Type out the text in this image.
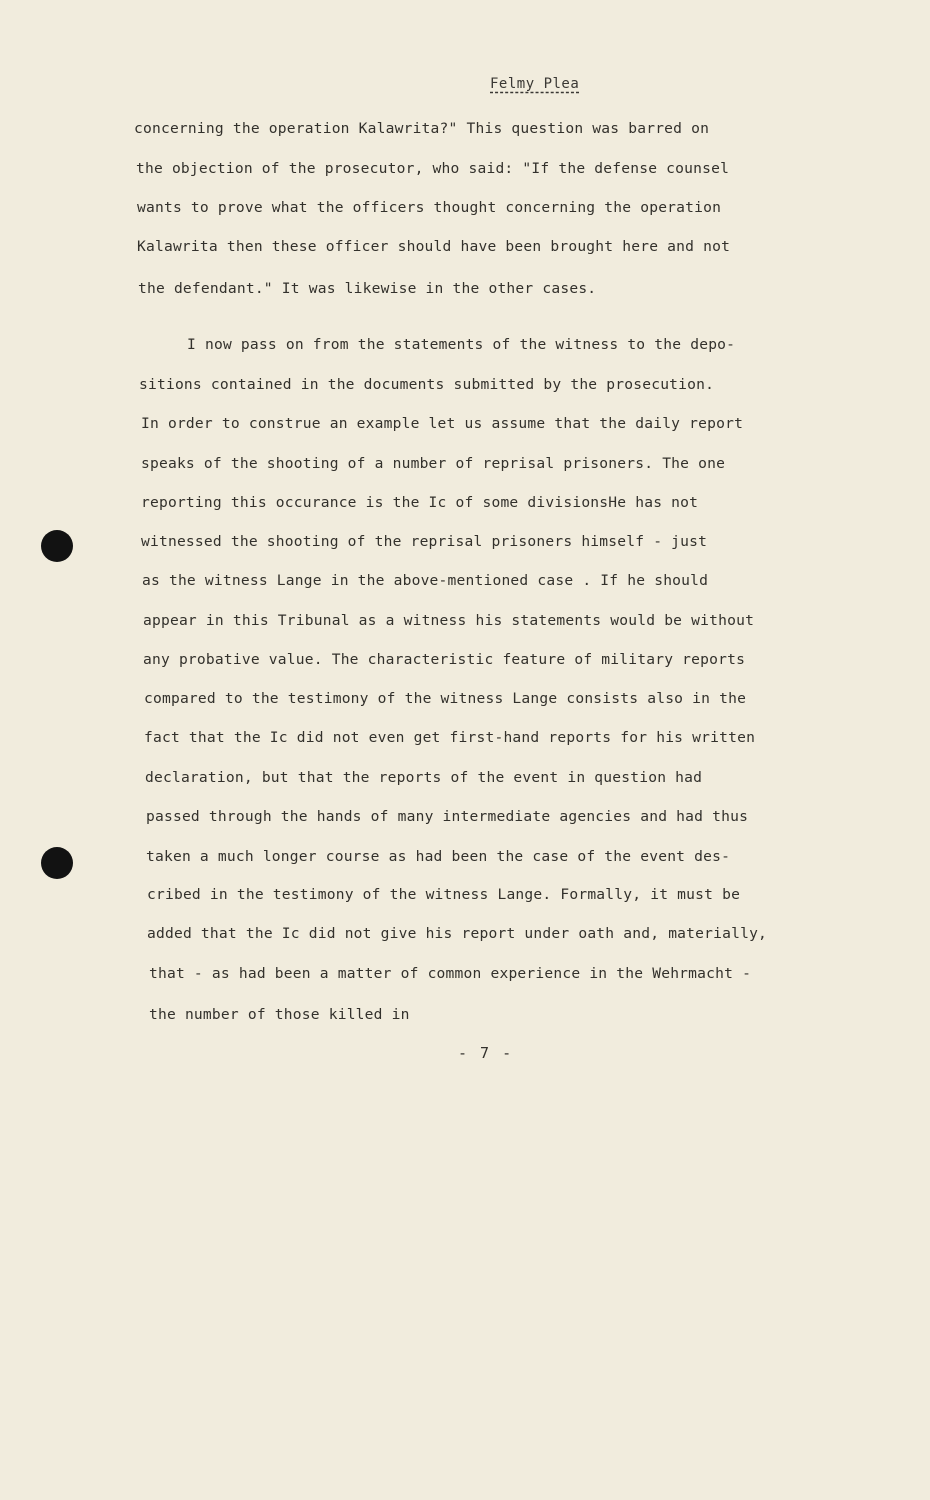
Felmy Plea
concerning the operation Kalawrita?" This question was barred on
the objection of the prosecutor, who said: "If the defense counsel
wants to prove what the officers thought concerning the operation
Kalawrita then these officer should have been brought here and not
the defendant." It was likewise in the other cases.
I now pass on from the statements of the witness to the depo-
sitions contained in the documents submitted by the prosecution.
In order to construe an example let us assume that the daily report
speaks of the shooting of a number of reprisal prisoners. The one
reporting this occurance is the Ic of some divisionsHe has not
witnessed the shooting of the reprisal prisoners himself - just
as the witness Lange in the above-mentioned case . If he should
appear in this Tribunal as a witness his statements would be without
any probative value. The characteristic feature of military reports
compared to the testimony of the witness Lange consists also in the
fact that the Ic did not even get first-hand reports for his written
declaration, but that the reports of the event in question had
passed through the hands of many intermediate agencies and had thus
taken a much longer course as had been the case of the event des-
cribed in the testimony of the witness Lange. Formally, it must be
added that the Ic did not give his report under oath and, materially,
that - as had been a matter of common experience in the Wehrmacht -
the number of those killed in
- 7 -
